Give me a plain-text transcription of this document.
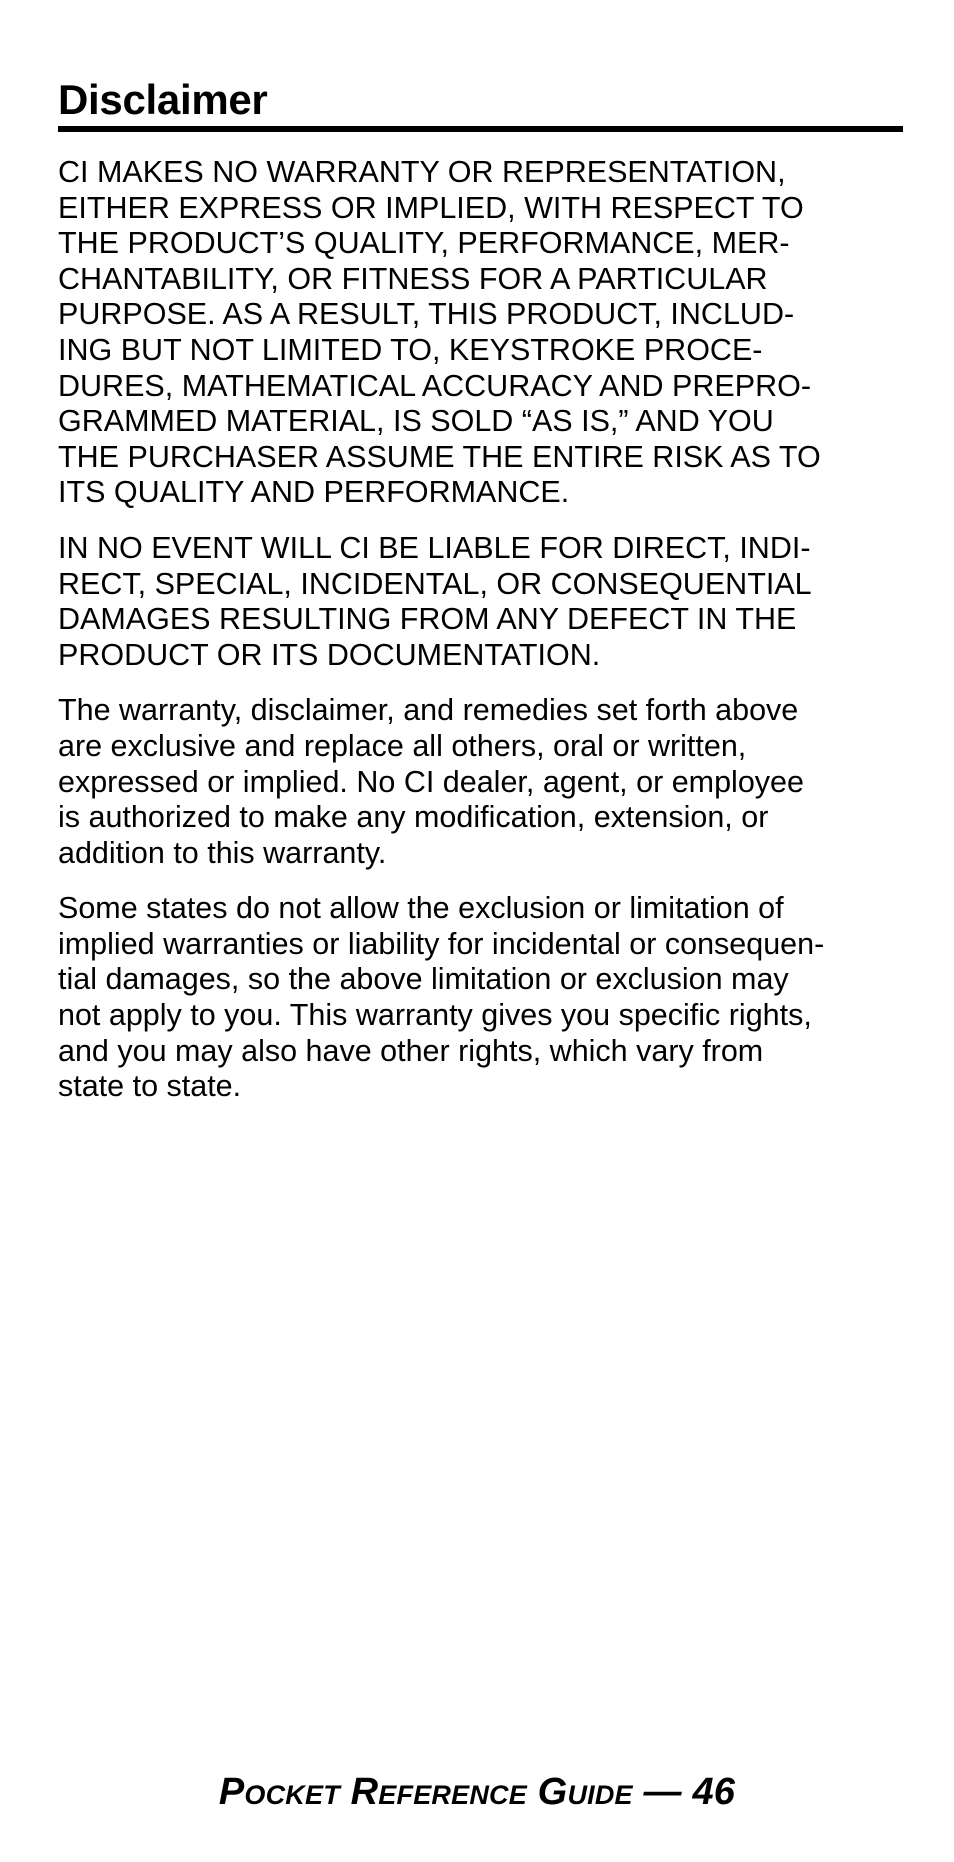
Disclaimer

CI MAKES NO WARRANTY OR REPRESENTATION,
EITHER EXPRESS OR IMPLIED, WITH RESPECT TO
THE PRODUCT’S QUALITY, PERFORMANCE, MER-
CHANTABILITY, OR FITNESS FOR A PARTICULAR
PURPOSE. AS A RESULT, THIS PRODUCT, INCLUD-
ING BUT NOT LIMITED TO, KEYSTROKE PROCE-
DURES, MATHEMATICAL ACCURACY AND PREPRO-
GRAMMED MATERIAL, IS SOLD “AS IS,” AND YOU
THE PURCHASER ASSUME THE ENTIRE RISK AS TO
ITS QUALITY AND PERFORMANCE.

IN NO EVENT WILL CI BE LIABLE FOR DIRECT, INDI-
RECT, SPECIAL, INCIDENTAL, OR CONSEQUENTIAL
DAMAGES RESULTING FROM ANY DEFECT IN THE
PRODUCT OR ITS DOCUMENTATION.

The warranty, disclaimer, and remedies set forth above
are exclusive and replace all others, oral or written,
expressed or implied. No CI dealer, agent, or employee
is authorized to make any modification, extension, or
addition to this warranty.

Some states do not allow the exclusion or limitation of
implied warranties or liability for incidental or consequen-
tial damages, so the above limitation or exclusion may
not apply to you. This warranty gives you specific rights,
and you may also have other rights, which vary from
state to state.

Pocket Reference Guide — 46
